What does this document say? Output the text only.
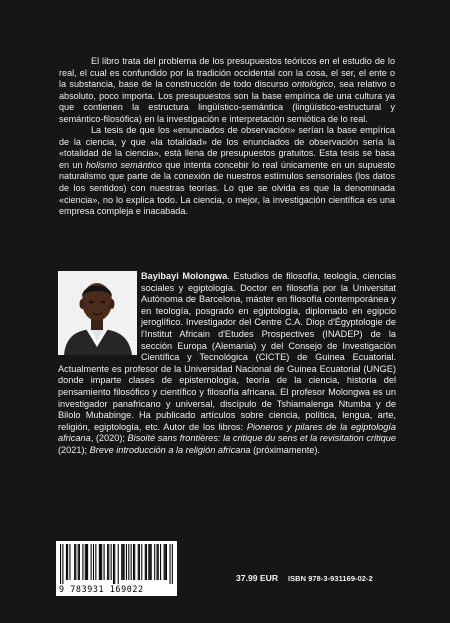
El libro trata del problema de los presupuestos teóricos en el estudio de lo real, el cual es confundido por la tradición occidental con la cosa, el ser, el ente o la substancia, base de la construcción de todo discurso ontológico, sea relativo o absoluto, poco importa. Los presupuestos son la base empírica de una cultura ya que contienen la estructura lingüístico-semántica (lingüístico-estructural y semántico-filosófica) en la investigación e interpretación semiótica de lo real.

La tesis de que los «enunciados de observación» serían la base empírica de la ciencia, y que «la totalidad» de los enunciados de observación sería la «totalidad de la ciencia», está llena de presupuestos gratuitos. Esta tesis se basa en un holismo semántico que intenta concebir lo real únicamente en un supuesto naturalismo que parte de la conexión de nuestros estímulos sensoriales (los datos de los sentidos) con nuestras teorías. Lo que se olvida es que la denominada «ciencia», no lo explica todo. La ciencia, o mejor, la investigación científica es una empresa compleja e inacabada.

Bayibayi Molongwa. Estudios de filosofía, teología, ciencias sociales y egiptología. Doctor en filosofía por la Universitat Autònoma de Barcelona, máster en filosofía contemporánea y en teología, posgrado en egiptología, diplomado en egipcio jeroglífico. Investigador del Centre C.A. Diop d'Égyptologie de l'Institut Africain d'Etudes Prospectives (INADEP) de la sección Europa (Alemania) y del Consejo de Investigación Científica y Tecnológica (CICTE) de Guinea Ecuatorial. Actualmente es profesor de la Universidad Nacional de Guinea Ecuatorial (UNGE) donde imparte clases de epistemología, teoría de la ciencia, historia del pensamiento filosófico y científico y filosofía africana. El profesor Molongwa es un investigador panafricano y universal, discípulo de Tshiamalenga Ntumba y de Bilolo Mubabinge. Ha publicado artículos sobre ciencia, política, lengua, arte, religión, egiptología, etc. Autor de los libros: Pioneros y pilares de la egiptología africana, (2020); Bisoité sans frontières: la critique du sens et la revisitation critique (2021); Breve introducción a la religión africana (próximamente).
9 783931 169022
37.99 EUR ISBN 978-3-931169-02-2
